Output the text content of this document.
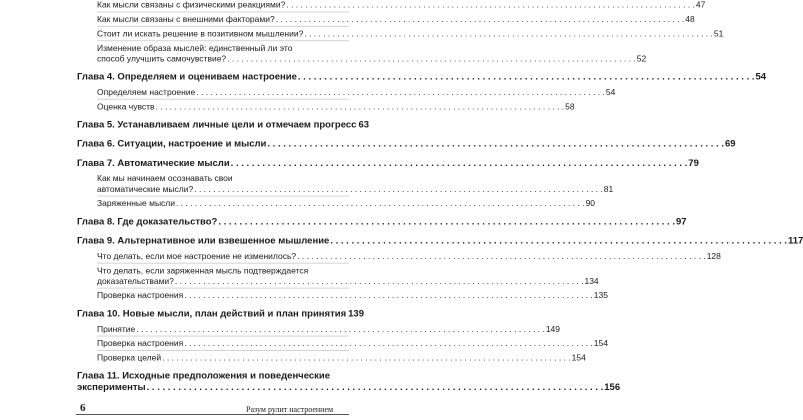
Как мысли связаны с физическими реакциями? . . .	47
Как мысли связаны с внешними факторами? . . .	48
Стоит ли искать решение в позитивном мышлении? . . .	51
Изменение образа мыслей: единственный ли это
способ улучшить самочувствие? . . .	52
Глава 4. Определяем и оцениваем настроение . . .	54
Определяем настроение . . .	54
Оценка чувств . . .	58
Глава 5. Устанавливаем личные цели и отмечаем прогресс 63
Глава 6. Ситуации, настроение и мысли . . .	69
Глава 7. Автоматические мысли . . .	79
Как мы начинаем осознавать свои
автоматические мысли? . . .	81
Заряженные мысли . . .	90
Глава 8. Где доказательство? . . .	97
Глава 9. Альтернативное или взвешенное мышление . . .	117
Что делать, если мое настроение не изменилось? . . .	128
Что делать, если заряженная мысль подтверждается
доказательствами? . . .	134
Проверка настроения . . .	135
Глава 10. Новые мысли, план действий и план принятия 139
Принятие . . .	149
Проверка настроения . . .	154
Проверка целей . . .	154
Глава 11. Исходные предположения и поведенческие
эксперименты . . .	156
6	Разум рулит настроением
